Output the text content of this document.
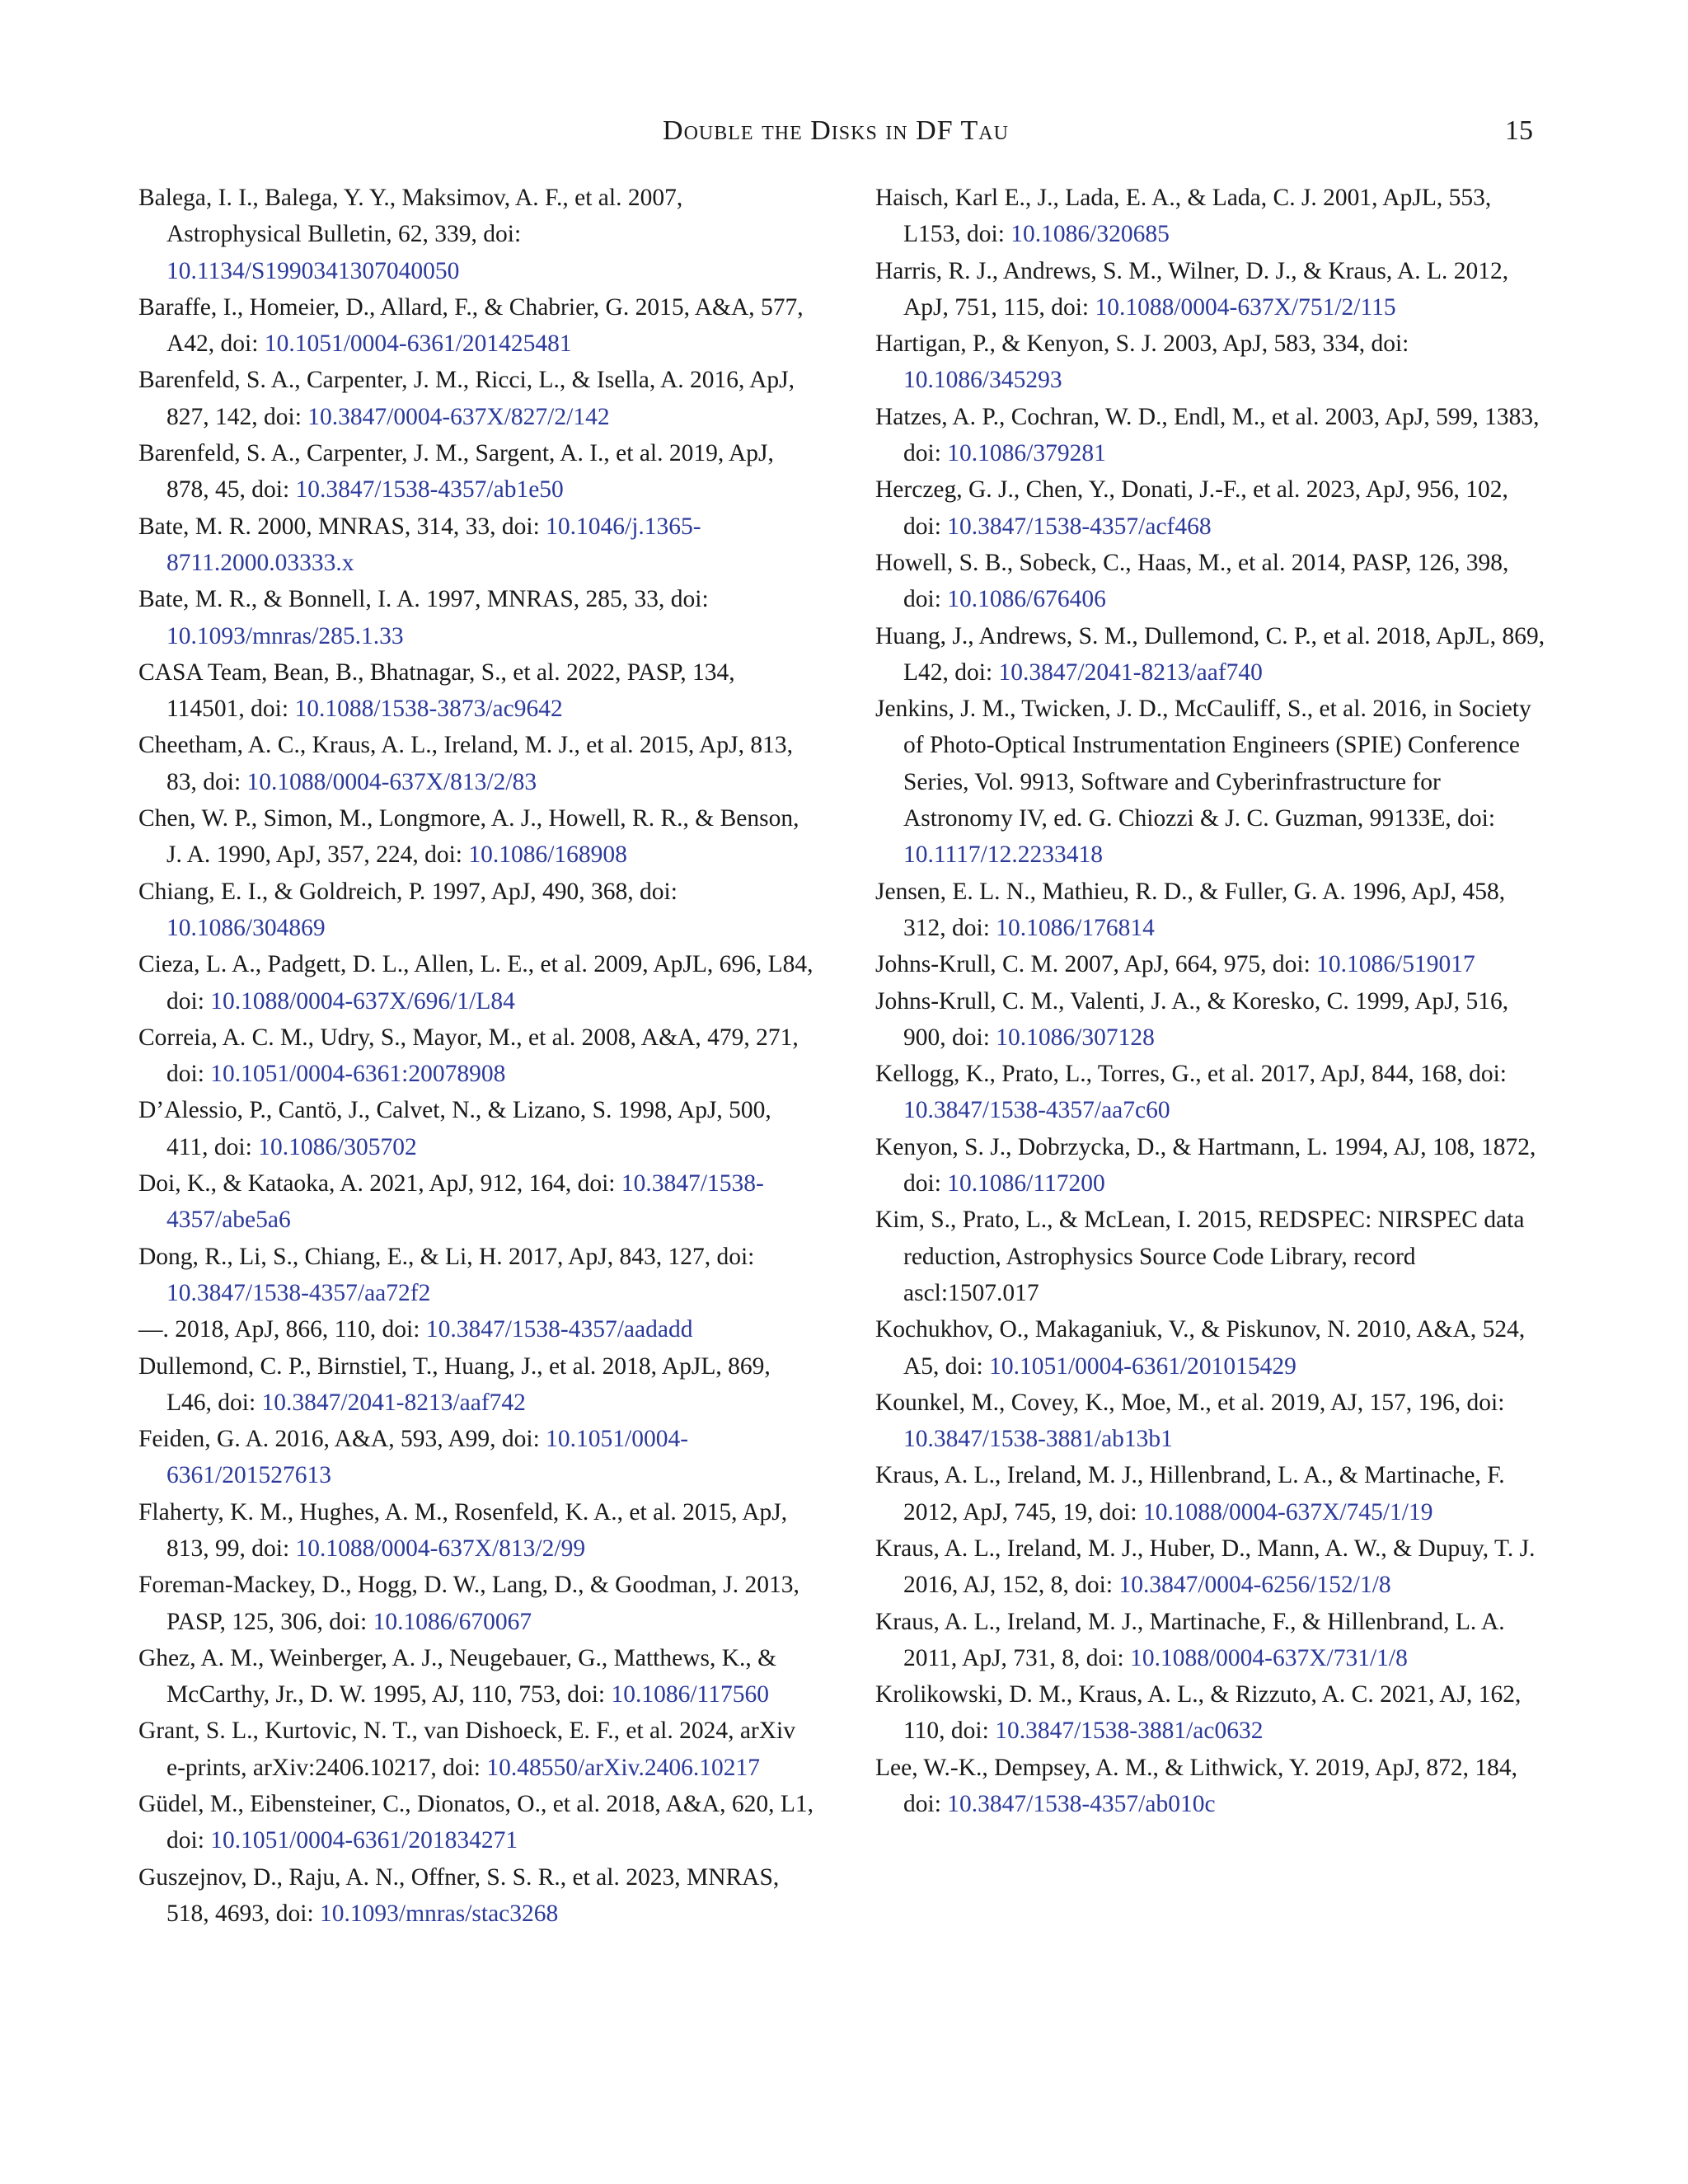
Double the Disks in DF Tau	15

Balega, I. I., Balega, Y. Y., Maksimov, A. F., et al. 2007, Astrophysical Bulletin, 62, 339, doi: 10.1134/S1990341307040050

Baraffe, I., Homeier, D., Allard, F., & Chabrier, G. 2015, A&A, 577, A42, doi: 10.1051/0004-6361/201425481

Barenfeld, S. A., Carpenter, J. M., Ricci, L., & Isella, A. 2016, ApJ, 827, 142, doi: 10.3847/0004-637X/827/2/142

Barenfeld, S. A., Carpenter, J. M., Sargent, A. I., et al. 2019, ApJ, 878, 45, doi: 10.3847/1538-4357/ab1e50

Bate, M. R. 2000, MNRAS, 314, 33, doi: 10.1046/j.1365-8711.2000.03333.x

Bate, M. R., & Bonnell, I. A. 1997, MNRAS, 285, 33, doi: 10.1093/mnras/285.1.33

CASA Team, Bean, B., Bhatnagar, S., et al. 2022, PASP, 134, 114501, doi: 10.1088/1538-3873/ac9642

Cheetham, A. C., Kraus, A. L., Ireland, M. J., et al. 2015, ApJ, 813, 83, doi: 10.1088/0004-637X/813/2/83

Chen, W. P., Simon, M., Longmore, A. J., Howell, R. R., & Benson, J. A. 1990, ApJ, 357, 224, doi: 10.1086/168908

Chiang, E. I., & Goldreich, P. 1997, ApJ, 490, 368, doi: 10.1086/304869

Cieza, L. A., Padgett, D. L., Allen, L. E., et al. 2009, ApJL, 696, L84, doi: 10.1088/0004-637X/696/1/L84

Correia, A. C. M., Udry, S., Mayor, M., et al. 2008, A&A, 479, 271, doi: 10.1051/0004-6361:20078908

D’Alessio, P., Cantö, J., Calvet, N., & Lizano, S. 1998, ApJ, 500, 411, doi: 10.1086/305702

Doi, K., & Kataoka, A. 2021, ApJ, 912, 164, doi: 10.3847/1538-4357/abe5a6

Dong, R., Li, S., Chiang, E., & Li, H. 2017, ApJ, 843, 127, doi: 10.3847/1538-4357/aa72f2

—. 2018, ApJ, 866, 110, doi: 10.3847/1538-4357/aadadd

Dullemond, C. P., Birnstiel, T., Huang, J., et al. 2018, ApJL, 869, L46, doi: 10.3847/2041-8213/aaf742

Feiden, G. A. 2016, A&A, 593, A99, doi: 10.1051/0004-6361/201527613

Flaherty, K. M., Hughes, A. M., Rosenfeld, K. A., et al. 2015, ApJ, 813, 99, doi: 10.1088/0004-637X/813/2/99

Foreman-Mackey, D., Hogg, D. W., Lang, D., & Goodman, J. 2013, PASP, 125, 306, doi: 10.1086/670067

Ghez, A. M., Weinberger, A. J., Neugebauer, G., Matthews, K., & McCarthy, Jr., D. W. 1995, AJ, 110, 753, doi: 10.1086/117560

Grant, S. L., Kurtovic, N. T., van Dishoeck, E. F., et al. 2024, arXiv e-prints, arXiv:2406.10217, doi: 10.48550/arXiv.2406.10217

Güdel, M., Eibensteiner, C., Dionatos, O., et al. 2018, A&A, 620, L1, doi: 10.1051/0004-6361/201834271

Guszejnov, D., Raju, A. N., Offner, S. S. R., et al. 2023, MNRAS, 518, 4693, doi: 10.1093/mnras/stac3268

Haisch, Karl E., J., Lada, E. A., & Lada, C. J. 2001, ApJL, 553, L153, doi: 10.1086/320685

Harris, R. J., Andrews, S. M., Wilner, D. J., & Kraus, A. L. 2012, ApJ, 751, 115, doi: 10.1088/0004-637X/751/2/115

Hartigan, P., & Kenyon, S. J. 2003, ApJ, 583, 334, doi: 10.1086/345293

Hatzes, A. P., Cochran, W. D., Endl, M., et al. 2003, ApJ, 599, 1383, doi: 10.1086/379281

Herczeg, G. J., Chen, Y., Donati, J.-F., et al. 2023, ApJ, 956, 102, doi: 10.3847/1538-4357/acf468

Howell, S. B., Sobeck, C., Haas, M., et al. 2014, PASP, 126, 398, doi: 10.1086/676406

Huang, J., Andrews, S. M., Dullemond, C. P., et al. 2018, ApJL, 869, L42, doi: 10.3847/2041-8213/aaf740

Jenkins, J. M., Twicken, J. D., McCauliff, S., et al. 2016, in Society of Photo-Optical Instrumentation Engineers (SPIE) Conference Series, Vol. 9913, Software and Cyberinfrastructure for Astronomy IV, ed. G. Chiozzi & J. C. Guzman, 99133E, doi: 10.1117/12.2233418

Jensen, E. L. N., Mathieu, R. D., & Fuller, G. A. 1996, ApJ, 458, 312, doi: 10.1086/176814

Johns-Krull, C. M. 2007, ApJ, 664, 975, doi: 10.1086/519017

Johns-Krull, C. M., Valenti, J. A., & Koresko, C. 1999, ApJ, 516, 900, doi: 10.1086/307128

Kellogg, K., Prato, L., Torres, G., et al. 2017, ApJ, 844, 168, doi: 10.3847/1538-4357/aa7c60

Kenyon, S. J., Dobrzycka, D., & Hartmann, L. 1994, AJ, 108, 1872, doi: 10.1086/117200

Kim, S., Prato, L., & McLean, I. 2015, REDSPEC: NIRSPEC data reduction, Astrophysics Source Code Library, record ascl:1507.017

Kochukhov, O., Makaganiuk, V., & Piskunov, N. 2010, A&A, 524, A5, doi: 10.1051/0004-6361/201015429

Kounkel, M., Covey, K., Moe, M., et al. 2019, AJ, 157, 196, doi: 10.3847/1538-3881/ab13b1

Kraus, A. L., Ireland, M. J., Hillenbrand, L. A., & Martinache, F. 2012, ApJ, 745, 19, doi: 10.1088/0004-637X/745/1/19

Kraus, A. L., Ireland, M. J., Huber, D., Mann, A. W., & Dupuy, T. J. 2016, AJ, 152, 8, doi: 10.3847/0004-6256/152/1/8

Kraus, A. L., Ireland, M. J., Martinache, F., & Hillenbrand, L. A. 2011, ApJ, 731, 8, doi: 10.1088/0004-637X/731/1/8

Krolikowski, D. M., Kraus, A. L., & Rizzuto, A. C. 2021, AJ, 162, 110, doi: 10.3847/1538-3881/ac0632

Lee, W.-K., Dempsey, A. M., & Lithwick, Y. 2019, ApJ, 872, 184, doi: 10.3847/1538-4357/ab010c
